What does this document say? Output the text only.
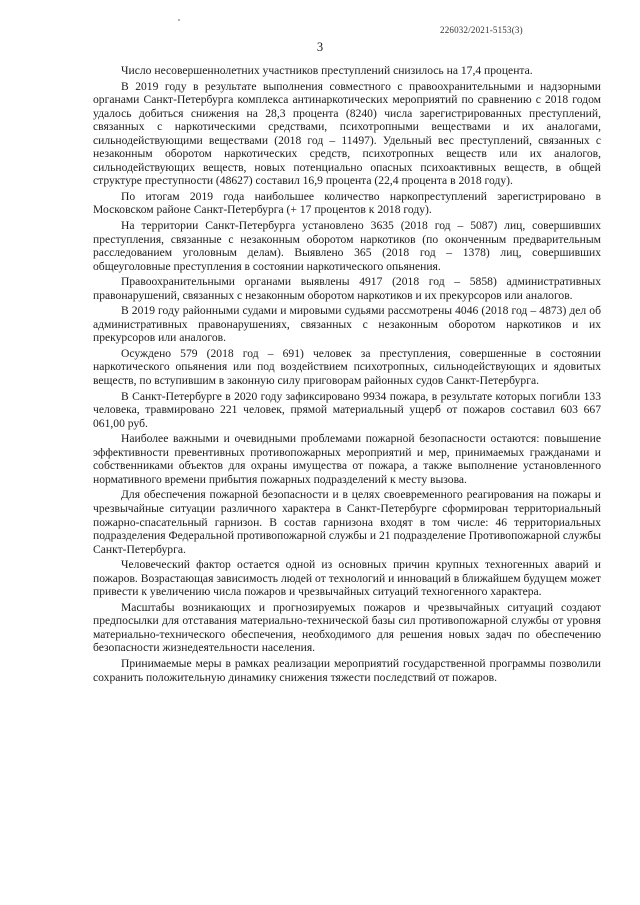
226032/2021-5153(3)
3

Число несовершеннолетних участников преступлений снизилось на 17,4 процента.

В 2019 году в результате выполнения совместного с правоохранительными и надзорными органами Санкт-Петербурга комплекса антинаркотических мероприятий по сравнению с 2018 годом удалось добиться снижения на 28,3 процента (8240) числа зарегистрированных преступлений, связанных с наркотическими средствами, психотропными веществами и их аналогами, сильнодействующими веществами (2018 год – 11497). Удельный вес преступлений, связанных с незаконным оборотом наркотических средств, психотропных веществ или их аналогов, сильнодействующих веществ, новых потенциально опасных психоактивных веществ, в общей структуре преступности (48627) составил 16,9 процента (22,4 процента в 2018 году).

По итогам 2019 года наибольшее количество наркопреступлений зарегистрировано в Московском районе Санкт-Петербурга (+ 17 процентов к 2018 году).

На территории Санкт-Петербурга установлено 3635 (2018 год – 5087) лиц, совершивших преступления, связанные с незаконным оборотом наркотиков (по оконченным предварительным расследованием уголовным делам). Выявлено 365 (2018 год – 1378) лиц, совершивших общеуголовные преступления в состоянии наркотического опьянения.

Правоохранительными органами выявлены 4917 (2018 год – 5858) административных правонарушений, связанных с незаконным оборотом наркотиков и их прекурсоров или аналогов.

В 2019 году районными судами и мировыми судьями рассмотрены 4046 (2018 год – 4873) дел об административных правонарушениях, связанных с незаконным оборотом наркотиков и их прекурсоров или аналогов.

Осуждено 579 (2018 год – 691) человек за преступления, совершенные в состоянии наркотического опьянения или под воздействием психотропных, сильнодействующих и ядовитых веществ, по вступившим в законную силу приговорам районных судов Санкт-Петербурга.

В Санкт-Петербурге в 2020 году зафиксировано 9934 пожара, в результате которых погибли 133 человека, травмировано 221 человек, прямой материальный ущерб от пожаров составил 603 667 061,00 руб.

Наиболее важными и очевидными проблемами пожарной безопасности остаются: повышение эффективности превентивных противопожарных мероприятий и мер, принимаемых гражданами и собственниками объектов для охраны имущества от пожара, а также выполнение установленного нормативного времени прибытия пожарных подразделений к месту вызова.

Для обеспечения пожарной безопасности и в целях своевременного реагирования на пожары и чрезвычайные ситуации различного характера в Санкт-Петербурге сформирован территориальный пожарно-спасательный гарнизон. В состав гарнизона входят в том числе: 46 территориальных подразделения Федеральной противопожарной службы и 21 подразделение Противопожарной службы Санкт-Петербурга.

Человеческий фактор остается одной из основных причин крупных техногенных аварий и пожаров. Возрастающая зависимость людей от технологий и инноваций в ближайшем будущем может привести к увеличению числа пожаров и чрезвычайных ситуаций техногенного характера.

Масштабы возникающих и прогнозируемых пожаров и чрезвычайных ситуаций создают предпосылки для отставания материально-технической базы сил противопожарной службы от уровня материально-технического обеспечения, необходимого для решения новых задач по обеспечению безопасности жизнедеятельности населения.

Принимаемые меры в рамках реализации мероприятий государственной программы позволили сохранить положительную динамику снижения тяжести последствий от пожаров.
